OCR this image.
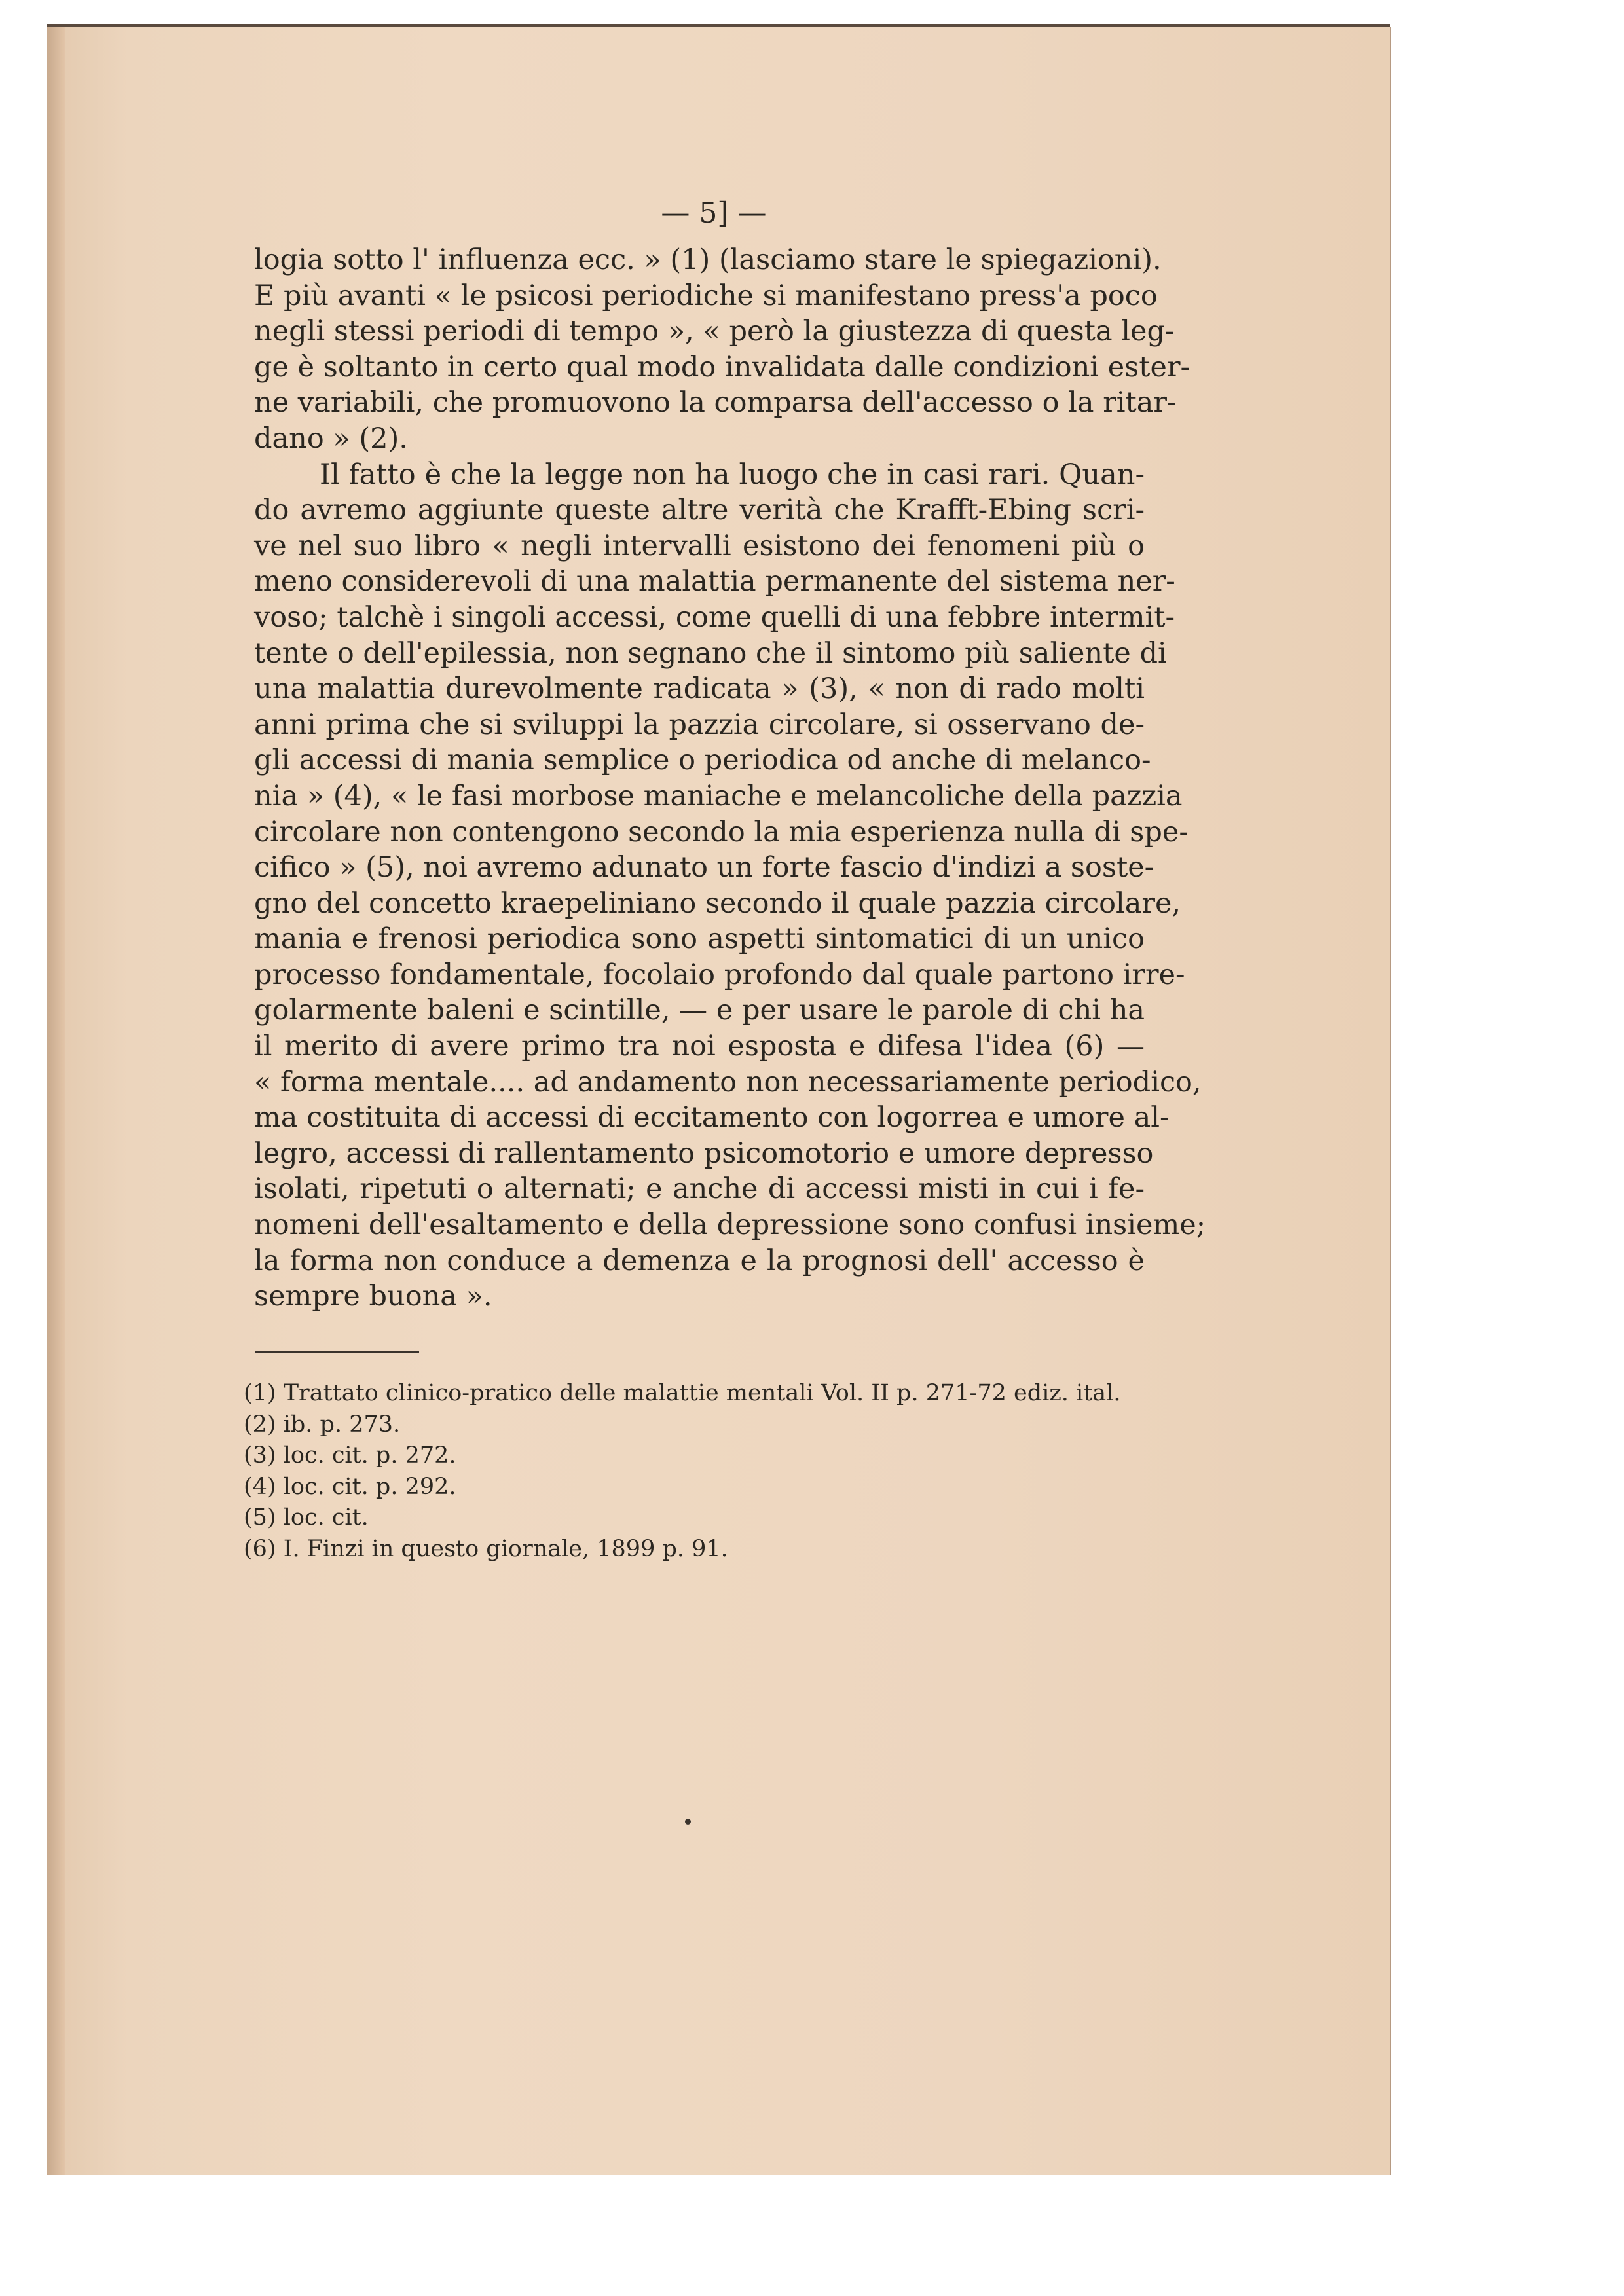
— 5] —
logia sotto l' influenza ecc. » (1) (lasciamo stare le spiegazioni).
E più avanti « le psicosi periodiche si manifestano press'a poco
negli stessi periodi di tempo », « però la giustezza di questa leg-
ge è soltanto in certo qual modo invalidata dalle condizioni ester-
ne variabili, che promuovono la comparsa dell'accesso o la ritar-
dano » (2).
Il fatto è che la legge non ha luogo che in casi rari. Quan-
do avremo aggiunte queste altre verità che Krafft-Ebing scri-
ve nel suo libro « negli intervalli esistono dei fenomeni più o
meno considerevoli di una malattia permanente del sistema ner-
voso; talchè i singoli accessi, come quelli di una febbre intermit-
tente o dell'epilessia, non segnano che il sintomo più saliente di
una malattia durevolmente radicata » (3), « non di rado molti
anni prima che si sviluppi la pazzia circolare, si osservano de-
gli accessi di mania semplice o periodica od anche di melanco-
nia » (4), « le fasi morbose maniache e melancoliche della pazzia
circolare non contengono secondo la mia esperienza nulla di spe-
cifico » (5), noi avremo adunato un forte fascio d'indizi a soste-
gno del concetto kraepeliniano secondo il quale pazzia circolare,
mania e frenosi periodica sono aspetti sintomatici di un unico
processo fondamentale, focolaio profondo dal quale partono irre-
golarmente baleni e scintille, — e per usare le parole di chi ha
il merito di avere primo tra noi esposta e difesa l'idea (6) —
« forma mentale.... ad andamento non necessariamente periodico,
ma costituita di accessi di eccitamento con logorrea e umore al-
legro, accessi di rallentamento psicomotorio e umore depresso
isolati, ripetuti o alternati; e anche di accessi misti in cui i fe-
nomeni dell'esaltamento e della depressione sono confusi insieme;
la forma non conduce a demenza e la prognosi dell' accesso è
sempre buona ».
(1) Trattato clinico-pratico delle malattie mentali Vol. II p. 271-72 ediz. ital.
(2) ib. p. 273.
(3) loc. cit. p. 272.
(4) loc. cit. p. 292.
(5) loc. cit.
(6) I. Finzi in questo giornale, 1899 p. 91.
